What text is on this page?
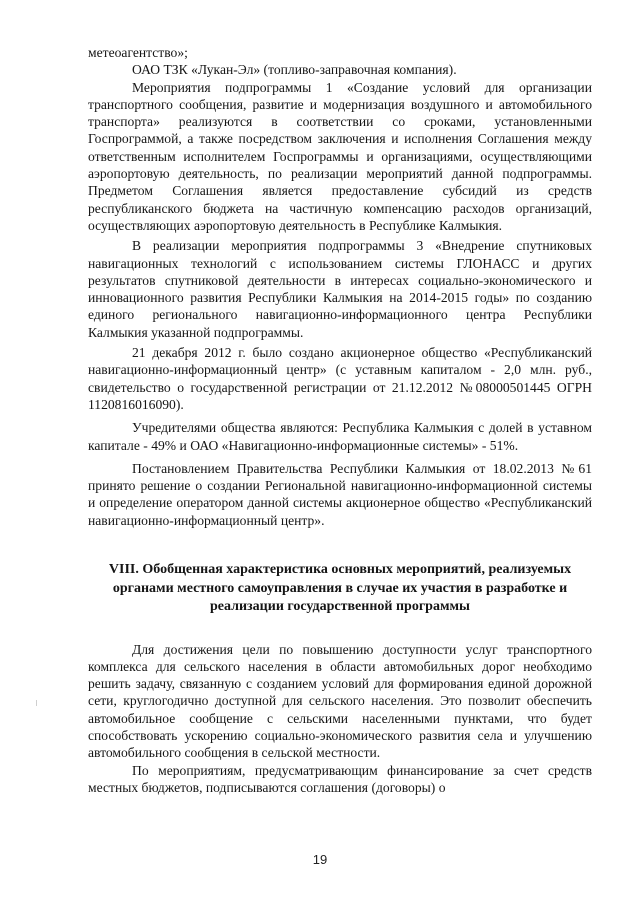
метеоагентство»;

ОАО ТЗК «Лукан-Эл» (топливо-заправочная компания).

Мероприятия подпрограммы 1 «Создание условий для организации транспортного сообщения, развитие и модернизация воздушного и автомобильного транспорта» реализуются в соответствии со сроками, установленными Госпрограммой, а также посредством заключения и исполнения Соглашения между ответственным исполнителем Госпрограммы и организациями, осуществляющими аэропортовую деятельность, по реализации мероприятий данной подпрограммы. Предметом Соглашения является предоставление субсидий из средств республиканского бюджета на частичную компенсацию расходов организаций, осуществляющих аэропортовую деятельность в Республике Калмыкия.

В реализации мероприятия подпрограммы 3 «Внедрение спутниковых навигационных технологий с использованием системы ГЛОНАСС и других результатов спутниковой деятельности в интересах социально-экономического и инновационного развития Республики Калмыкия на 2014-2015 годы» по созданию единого регионального навигационно-информационного центра Республики Калмыкия указанной подпрограммы.

21 декабря 2012 г. было создано акционерное общество «Республиканский навигационно-информационный центр» (с уставным капиталом - 2,0 млн. руб., свидетельство о государственной регистрации от 21.12.2012 №08000501445 ОГРН 1120816016090).

Учредителями общества являются: Республика Калмыкия с долей в уставном капитале - 49% и ОАО «Навигационно-информационные системы» - 51%.

Постановлением Правительства Республики Калмыкия от 18.02.2013 №61 принято решение о создании Региональной навигационно-информационной системы и определение оператором данной системы акционерное общество «Республиканский навигационно-информационный центр».

VIII. Обобщенная характеристика основных мероприятий, реализуемых органами местного самоуправления в случае их участия в разработке и реализации государственной программы

Для достижения цели по повышению доступности услуг транспортного комплекса для сельского населения в области автомобильных дорог необходимо решить задачу, связанную с созданием условий для формирования единой дорожной сети, круглогодично доступной для сельского населения. Это позволит обеспечить автомобильное сообщение с сельскими населенными пунктами, что будет способствовать ускорению социально-экономического развития села и улучшению автомобильного сообщения в сельской местности.

По мероприятиям, предусматривающим финансирование за счет средств местных бюджетов, подписываются соглашения (договоры) о

19
